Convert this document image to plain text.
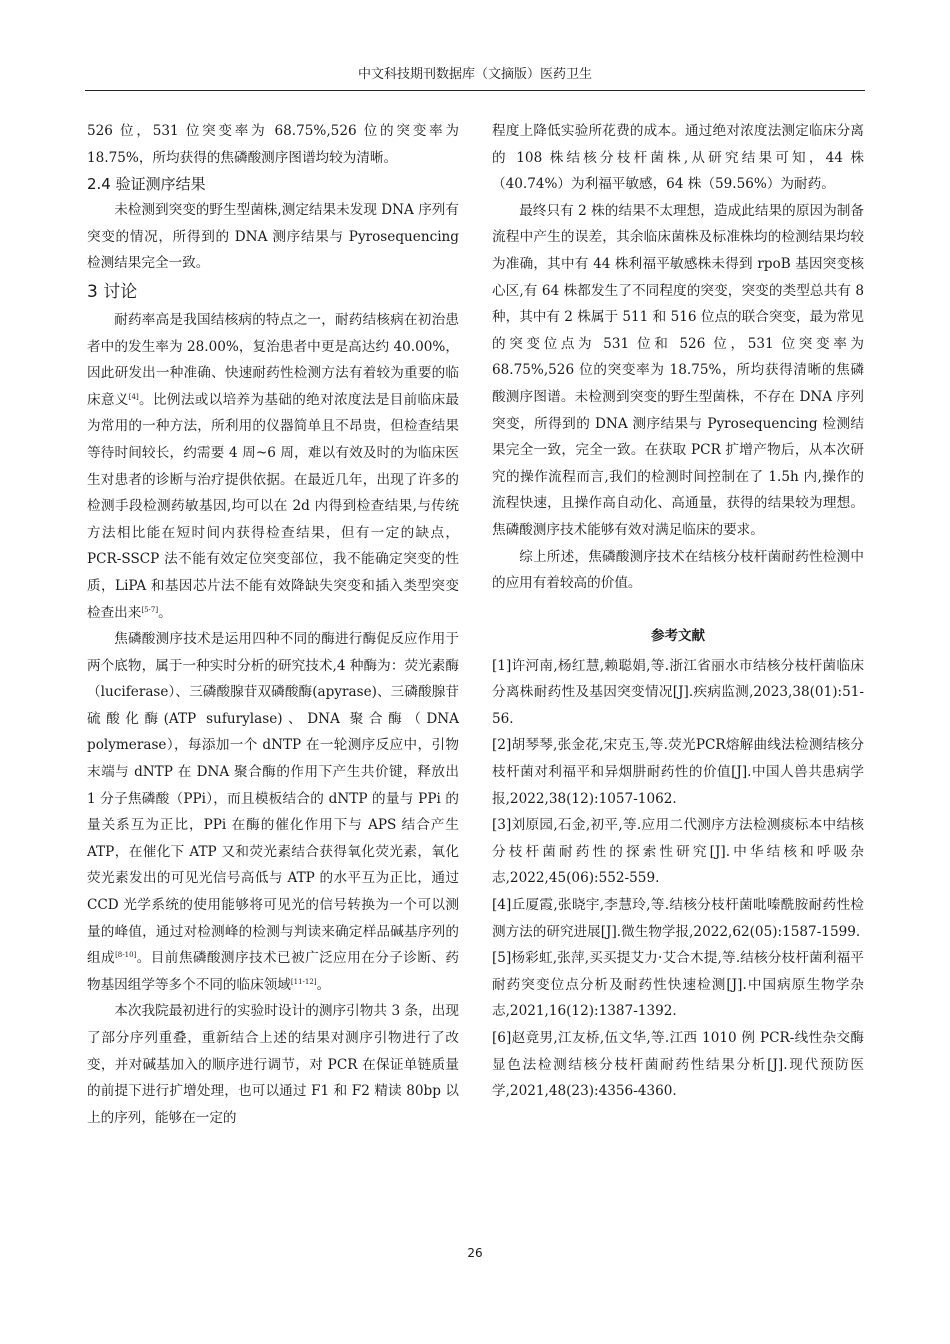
中文科技期刊数据库（文摘版）医药卫生

526 位，531 位突变率为 68.75%,526 位的突变率为 18.75%，所均获得的焦磷酸测序图谱均较为清晰。

2.4 验证测序结果

未检测到突变的野生型菌株,测定结果未发现 DNA 序列有突变的情况，所得到的 DNA 测序结果与 Pyrosequencing 检测结果完全一致。

3 讨论

耐药率高是我国结核病的特点之一，耐药结核病在初治患者中的发生率为 28.00%，复治患者中更是高达约 40.00%，因此研发出一种准确、快速耐药性检测方法有着较为重要的临床意义[4]。比例法或以培养为基础的绝对浓度法是目前临床最为常用的一种方法，所利用的仪器简单且不昂贵，但检查结果等待时间较长，约需要 4 周~6 周，难以有效及时的为临床医生对患者的诊断与治疗提供依据。在最近几年，出现了许多的检测手段检测药敏基因,均可以在 2d 内得到检查结果,与传统方法相比能在短时间内获得检查结果，但有一定的缺点，PCR-SSCP 法不能有效定位突变部位，我不能确定突变的性质，LiPA 和基因芯片法不能有效降缺失突变和插入类型突变检查出来[5-7]。

焦磷酸测序技术是运用四种不同的酶进行酶促反应作用于两个底物，属于一种实时分析的研究技术,4 种酶为：荧光素酶（luciferase）、三磷酸腺苷双磷酸酶(apyrase)、三磷酸腺苷硫酸化酶(ATP sufurylase)、DNA 聚合酶（DNA polymerase），每添加一个 dNTP 在一轮测序反应中，引物末端与 dNTP 在 DNA 聚合酶的作用下产生共价键，释放出 1 分子焦磷酸（PPi），而且模板结合的 dNTP 的量与 PPi 的量关系互为正比，PPi 在酶的催化作用下与 APS 结合产生 ATP，在催化下 ATP 又和荧光素结合获得氧化荧光素，氧化荧光素发出的可见光信号高低与 ATP 的水平互为正比，通过 CCD 光学系统的使用能够将可见光的信号转换为一个可以测量的峰值，通过对检测峰的检测与判读来确定样品碱基序列的组成[8-10]。目前焦磷酸测序技术已被广泛应用在分子诊断、药物基因组学等多个不同的临床领域[11-12]。

本次我院最初进行的实验时设计的测序引物共 3 条，出现了部分序列重叠，重新结合上述的结果对测序引物进行了改变，并对碱基加入的顺序进行调节，对 PCR 在保证单链质量的前提下进行扩增处理，也可以通过 F1 和 F2 精读 80bp 以上的序列，能够在一定的

程度上降低实验所花费的成本。通过绝对浓度法测定临床分离的 108 株结核分枝杆菌株,从研究结果可知，44 株（40.74%）为利福平敏感，64 株（59.56%）为耐药。

最终只有 2 株的结果不太理想，造成此结果的原因为制备流程中产生的误差，其余临床菌株及标准株均的检测结果均较为准确，其中有 44 株利福平敏感株未得到 rpoB 基因突变核心区,有 64 株都发生了不同程度的突变，突变的类型总共有 8 种，其中有 2 株属于 511 和 516 位点的联合突变，最为常见的突变位点为 531 位和 526 位，531 位突变率为 68.75%,526 位的突变率为 18.75%，所均获得清晰的焦磷酸测序图谱。未检测到突变的野生型菌株，不存在 DNA 序列突变，所得到的 DNA 测序结果与 Pyrosequencing 检测结果完全一致，完全一致。在获取 PCR 扩增产物后，从本次研究的操作流程而言,我们的检测时间控制在了 1.5h 内,操作的流程快速，且操作高自动化、高通量，获得的结果较为理想。焦磷酸测序技术能够有效对满足临床的要求。

综上所述，焦磷酸测序技术在结核分枝杆菌耐药性检测中的应用有着较高的价值。

参考文献

[1]许河南,杨红慧,赖聪娟,等.浙江省丽水市结核分枝杆菌临床分离株耐药性及基因突变情况[J].疾病监测,2023,38(01):51-56.

[2]胡琴琴,张金花,宋克玉,等.荧光PCR熔解曲线法检测结核分枝杆菌对利福平和异烟肼耐药性的价值[J].中国人兽共患病学报,2022,38(12):1057-1062.

[3]刘原园,石金,初平,等.应用二代测序方法检测痰标本中结核分枝杆菌耐药性的探索性研究[J].中华结核和呼吸杂志,2022,45(06):552-559.

[4]丘厦霞,张晓宇,李慧玲,等.结核分枝杆菌吡嗪酰胺耐药性检测方法的研究进展[J].微生物学报,2022,62(05):1587-1599.

[5]杨彩虹,张萍,买买提艾力·艾合木提,等.结核分枝杆菌利福平耐药突变位点分析及耐药性快速检测[J].中国病原生物学杂志,2021,16(12):1387-1392.

[6]赵竟男,江友桥,伍文华,等.江西 1010 例 PCR-线性杂交酶显色法检测结核分枝杆菌耐药性结果分析[J].现代预防医学,2021,48(23):4356-4360.

26
